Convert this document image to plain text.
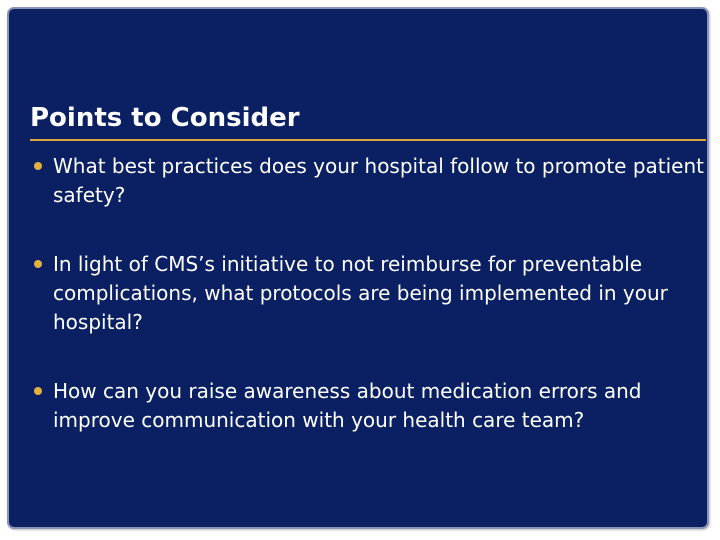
Points to Consider
What best practices does your hospital follow to promote patient safety?
In light of CMS’s initiative to not reimburse for preventable complications, what protocols are being implemented in your hospital?
How can you raise awareness about medication errors and improve communication with your health care team?
